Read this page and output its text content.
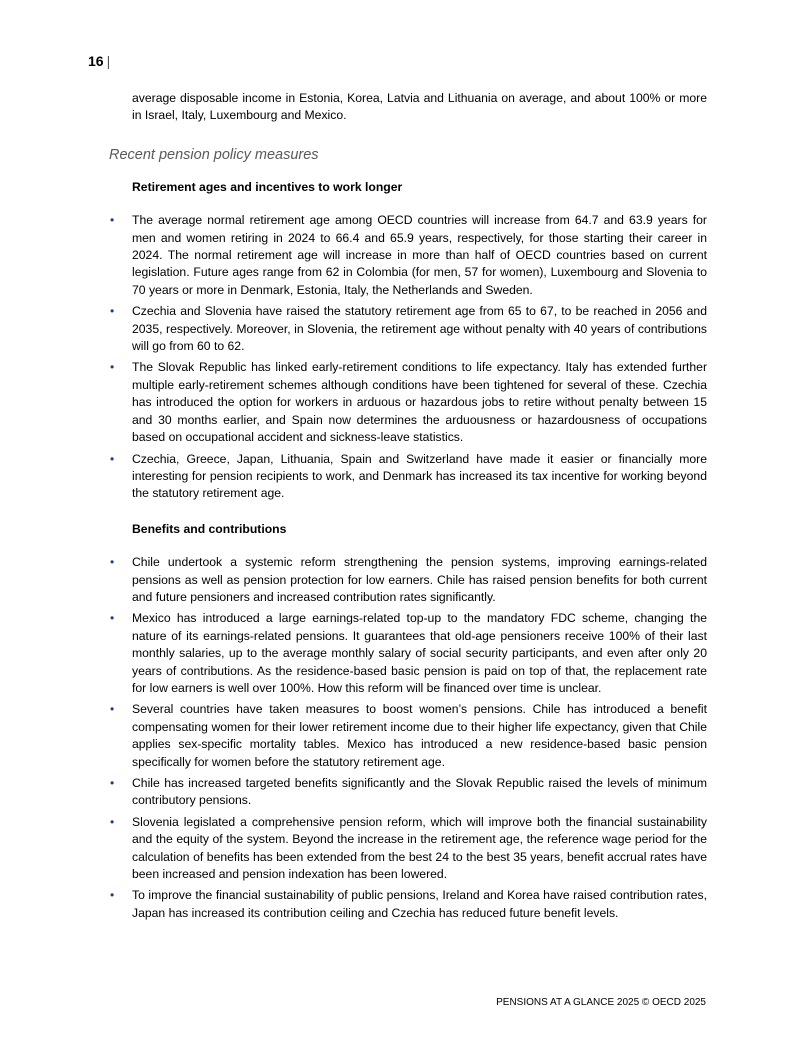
16 |

average disposable income in Estonia, Korea, Latvia and Lithuania on average, and about 100% or more in Israel, Italy, Luxembourg and Mexico.

Recent pension policy measures
Retirement ages and incentives to work longer
• The average normal retirement age among OECD countries will increase from 64.7 and 63.9 years for men and women retiring in 2024 to 66.4 and 65.9 years, respectively, for those starting their career in 2024. The normal retirement age will increase in more than half of OECD countries based on current legislation. Future ages range from 62 in Colombia (for men, 57 for women), Luxembourg and Slovenia to 70 years or more in Denmark, Estonia, Italy, the Netherlands and Sweden.
• Czechia and Slovenia have raised the statutory retirement age from 65 to 67, to be reached in 2056 and 2035, respectively. Moreover, in Slovenia, the retirement age without penalty with 40 years of contributions will go from 60 to 62.
• The Slovak Republic has linked early-retirement conditions to life expectancy. Italy has extended further multiple early-retirement schemes although conditions have been tightened for several of these. Czechia has introduced the option for workers in arduous or hazardous jobs to retire without penalty between 15 and 30 months earlier, and Spain now determines the arduousness or hazardousness of occupations based on occupational accident and sickness-leave statistics.
• Czechia, Greece, Japan, Lithuania, Spain and Switzerland have made it easier or financially more interesting for pension recipients to work, and Denmark has increased its tax incentive for working beyond the statutory retirement age.
Benefits and contributions
• Chile undertook a systemic reform strengthening the pension systems, improving earnings-related pensions as well as pension protection for low earners. Chile has raised pension benefits for both current and future pensioners and increased contribution rates significantly.
• Mexico has introduced a large earnings-related top-up to the mandatory FDC scheme, changing the nature of its earnings-related pensions. It guarantees that old-age pensioners receive 100% of their last monthly salaries, up to the average monthly salary of social security participants, and even after only 20 years of contributions. As the residence-based basic pension is paid on top of that, the replacement rate for low earners is well over 100%. How this reform will be financed over time is unclear.
• Several countries have taken measures to boost women’s pensions. Chile has introduced a benefit compensating women for their lower retirement income due to their higher life expectancy, given that Chile applies sex-specific mortality tables. Mexico has introduced a new residence-based basic pension specifically for women before the statutory retirement age.
• Chile has increased targeted benefits significantly and the Slovak Republic raised the levels of minimum contributory pensions.
• Slovenia legislated a comprehensive pension reform, which will improve both the financial sustainability and the equity of the system. Beyond the increase in the retirement age, the reference wage period for the calculation of benefits has been extended from the best 24 to the best 35 years, benefit accrual rates have been increased and pension indexation has been lowered.
• To improve the financial sustainability of public pensions, Ireland and Korea have raised contribution rates, Japan has increased its contribution ceiling and Czechia has reduced future benefit levels.
PENSIONS AT A GLANCE 2025 © OECD 2025
